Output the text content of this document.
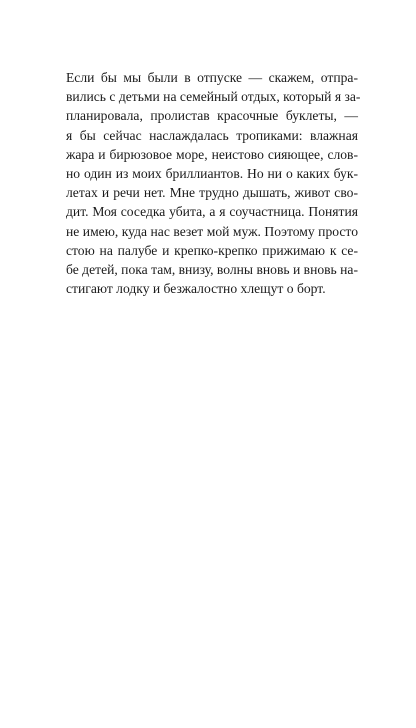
Если бы мы были в отпуске — скажем, отпра-
вились с детьми на семейный отдых, который я за-
планировала, пролистав красочные буклеты, —
я бы сейчас наслаждалась тропиками: влажная
жара и бирюзовое море, неистово сияющее, слов-
но один из моих бриллиантов. Но ни о каких бук-
летах и речи нет. Мне трудно дышать, живот сво-
дит. Моя соседка убита, а я соучастница. Понятия
не имею, куда нас везет мой муж. Поэтому просто
стою на палубе и крепко-крепко прижимаю к се-
бе детей, пока там, внизу, волны вновь и вновь на-
стигают лодку и безжалостно хлещут о борт.
